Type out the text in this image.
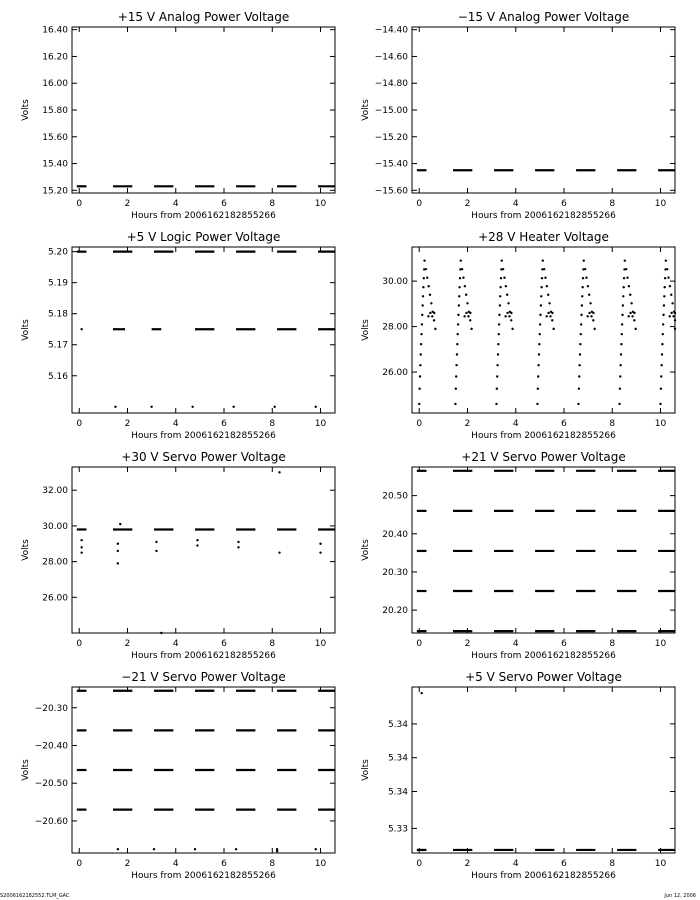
+15 V Analog Power Voltage
0	2	4	6	8	10
15.20
15.40
15.60
15.80
16.00
16.20
16.40
Hours from 2006162182855266
Volts
−15 V Analog Power Voltage
0	2	4	6	8	10
−15.60
−15.40
−15.20
−15.00
−14.80
−14.60
−14.40
Hours from 2006162182855266
Volts
+5 V Logic Power Voltage
0	2	4	6	8	10
5.16
5.17
5.18
5.19
5.20
Hours from 2006162182855266
Volts
+28 V Heater Voltage
0	2	4	6	8	10
26.00
28.00
30.00
Hours from 2006162182855266
Volts
+30 V Servo Power Voltage
0	2	4	6	8	10
26.00
28.00
30.00
32.00
Hours from 2006162182855266
Volts
+21 V Servo Power Voltage
0	2	4	6	8	10
20.20
20.30
20.40
20.50
Hours from 2006162182855266
Volts
−21 V Servo Power Voltage
0	2	4	6	8	10
−20.60
−20.50
−20.40
−20.30
Hours from 2006162182855266
Volts
+5 V Servo Power Voltage
0	2	4	6	8	10
5.33
5.34
5.34
5.34
Hours from 2006162182855266
Volts
S2006162182552.TLM_GAC	Jun 12, 2006
